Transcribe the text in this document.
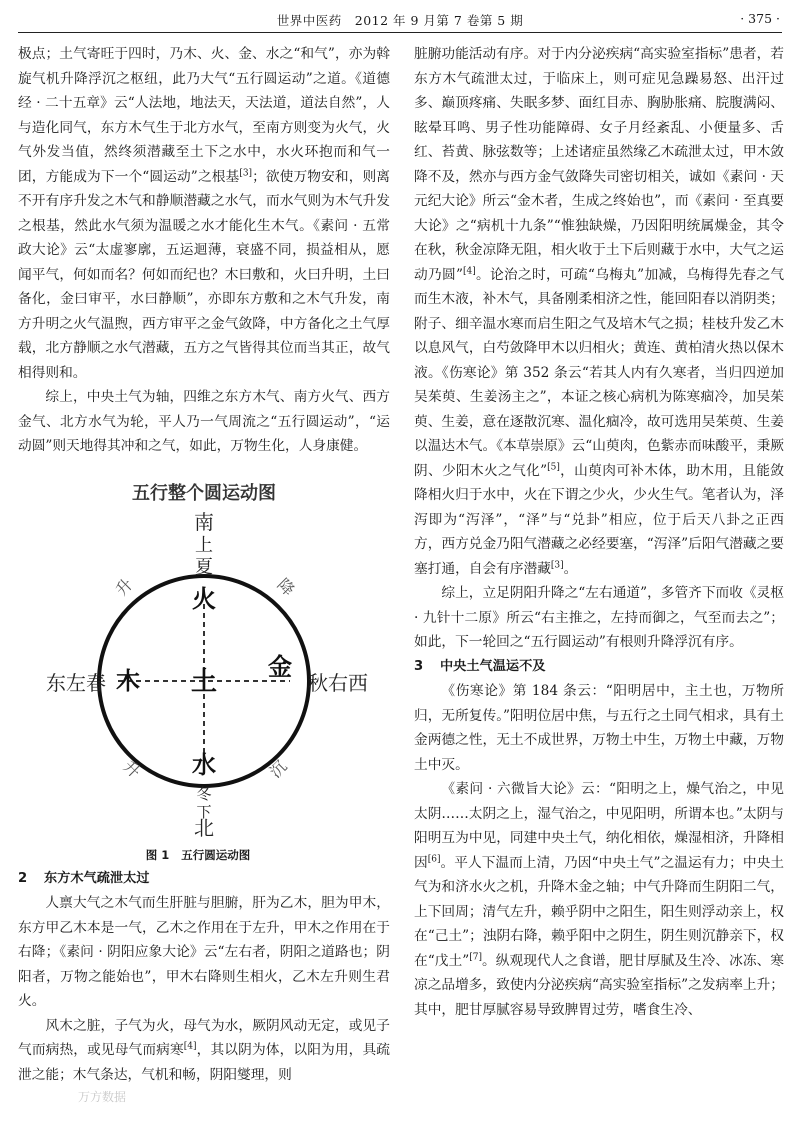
世界中医药　2012 年 9 月第 7 卷第 5 期	· 375 ·

极点；土气寄旺于四时，乃木、火、金、水之“和气”，亦为斡旋气机升降浮沉之枢纽，此乃大气“五行圆运动”之道。《道德经 · 二十五章》云“人法地，地法天，天法道，道法自然”，人与造化同气，东方木气生于北方水气，至南方则变为火气，火气外发当值，然终须潜藏至土下之水中，水火环抱而和气一团，方能成为下一个“圆运动”之根基[3]；欲使万物安和，则离不开有序升发之木气和静顺潜藏之水气，而水气则为木气升发之根基，然此水气须为温暖之水才能化生木气。《素问 · 五常政大论》云“太虚寥廓，五运迴薄，衰盛不同，损益相从，愿闻平气，何如而名？何如而纪也？木曰敷和，火曰升明，土曰备化，金曰审平，水曰静顺”，亦即东方敷和之木气升发，南方升明之火气温煦，西方审平之金气敛降，中方备化之土气厚载，北方静顺之水气潜藏，五方之气皆得其位而当其正，故气相得则和。

综上，中央土气为轴，四维之东方木气、南方火气、西方金气、北方水气为轮，平人乃一气周流之“五行圆运动”，“运动圆”则天地得其冲和之气，如此，万物生化，人身康健。

五行整个圆运动图
火
水
木	金
土
东左春	秋右西
升	降
升	沉
冬
下
北
南
上
夏
图 1 五行圆运动图

2 东方木气疏泄太过

人禀大气之木气而生肝脏与胆腑，肝为乙木，胆为甲木，东方甲乙木本是一气，乙木之作用在于左升，甲木之作用在于右降；《素问 · 阴阳应象大论》云“左右者，阴阳之道路也；阴阳者，万物之能始也”，甲木右降则生相火，乙木左升则生君火。

风木之脏，子气为火，母气为水，厥阴风动无定，或见子气而病热，或见母气而病寒[4]，其以阴为体，以阳为用，具疏泄之能；木气条达，气机和畅，阴阳燮理，则

脏腑功能活动有序。对于内分泌疾病“高实验室指标”患者，若东方木气疏泄太过，于临床上，则可症见急躁易怒、出汗过多、巅顶疼痛、失眠多梦、面红目赤、胸胁胀痛、脘腹满闷、眩晕耳鸣、男子性功能障碍、女子月经紊乱、小便量多、舌红、苔黄、脉弦数等；上述诸症虽然缘乙木疏泄太过，甲木敛降不及，然亦与西方金气敛降失司密切相关，诚如《素问 · 天元纪大论》所云“金木者，生成之终始也”，而《素问 · 至真要大论》之“病机十九条”“惟独缺燥，乃因阳明统属燥金，其令在秋，秋金凉降无阻，相火收于土下后则藏于水中，大气之运动乃圆”[4]。论治之时，可疏“乌梅丸”加减，乌梅得先春之气而生木液，补木气，具备刚柔相济之性，能回阳春以消阴类；附子、细辛温水寒而启生阳之气及培木气之损；桂枝升发乙木以息风气，白芍敛降甲木以归相火；黄连、黄柏清火热以保木液。《伤寒论》第 352 条云“若其人内有久寒者，当归四逆加吴茱萸、生姜汤主之”，本证之核心病机为陈寒痼冷，加吴茱萸、生姜，意在逐散沉寒、温化痼冷，故可选用吴茱萸、生姜以温达木气。《本草崇原》云“山萸肉，色紫赤而味酸平，秉厥阴、少阳木火之气化”[5]，山萸肉可补木体，助木用，且能敛降相火归于水中，火在下谓之少火，少火生气。笔者认为，泽泻即为“泻泽”，“泽”与“兑卦”相应，位于后天八卦之正西方，西方兑金乃阳气潜藏之必经要塞，“泻泽”后阳气潜藏之要塞打通，自会有序潜藏[3]。

综上，立足阴阳升降之“左右通道”，多管齐下而收《灵枢 · 九针十二原》所云“右主推之，左持而御之，气至而去之”；如此，下一轮回之“五行圆运动”有根则升降浮沉有序。

3 中央土气温运不及

《伤寒论》第 184 条云：“阳明居中，主土也，万物所归，无所复传。”阳明位居中焦，与五行之土同气相求，具有土金两德之性，无土不成世界，万物土中生，万物土中藏，万物土中灭。

《素问 · 六微旨大论》云：“阳明之上，燥气治之，中见太阴……太阴之上，湿气治之，中见阳明，所谓本也。”太阴与阳明互为中见，同建中央土气，纳化相依，燥湿相济，升降相因[6]。平人下温而上清，乃因“中央土气”之温运有力；中央土气为和济水火之机，升降木金之轴；中气升降而生阴阳二气，上下回周；清气左升，赖乎阴中之阳生，阳生则浮动亲上，权在“己土”；浊阴右降，赖乎阳中之阴生，阴生则沉静亲下，权在“戊土”[7]。纵观现代人之食谱，肥甘厚腻及生冷、冰冻、寒凉之品增多，致使内分泌疾病“高实验室指标”之发病率上升；其中，肥甘厚腻容易导致脾胃过劳，嗜食生冷、

万方数据
